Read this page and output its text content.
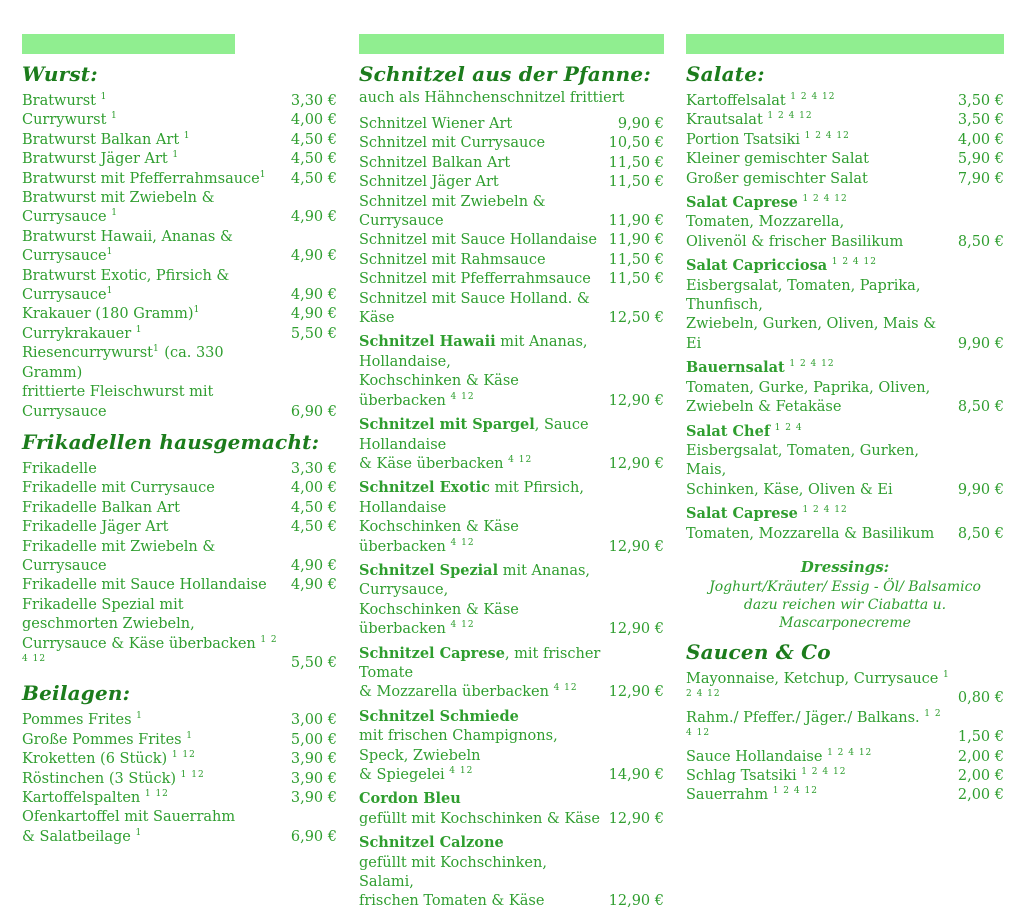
Wurst:
Bratwurst $^1$	3,30 €
Currywurst $^1$	4,00 €
Bratwurst Balkan Art $^1$	4,50 €
Bratwurst Jäger Art $^1$	4,50 €
Bratwurst mit Pfefferrahmsauce$^1$	4,50 €
Bratwurst mit Zwiebeln & Currysauce $^1$	4,90 €
Bratwurst Hawaii, Ananas & Currysauce$^1$	4,90 €
Bratwurst Exotic, Pfirsich & Currysauce$^1$	4,90 €
Krakauer (180 Gramm)$^1$	4,90 €
Currykrakauer $^1$	5,50 €
Riesencurrywurst$^1$ (ca. 330 Gramm)
frittierte Fleischwurst mit Currysauce	6,90 €
Frikadellen hausgemacht:
Frikadelle	3,30 €
Frikadelle mit Currysauce	4,00 €
Frikadelle Balkan Art	4,50 €
Frikadelle Jäger Art	4,50 €
Frikadelle mit Zwiebeln & Currysauce	4,90 €
Frikadelle mit Sauce Hollandaise	4,90 €
Frikadelle Spezial mit geschmorten Zwiebeln,
Currysauce & Käse überbacken $^{1 2 4 12}$	5,50 €
Beilagen:
Pommes Frites $^1$	3,00 €
Große Pommes Frites $^1$	5,00 €
Kroketten (6 Stück) $^{1 12}$	3,90 €
Röstinchen (3 Stück) $^{1 12}$	3,90 €
Kartoffelspalten $^{1 12}$	3,90 €
Ofenkartoffel mit Sauerrahm
& Salatbeilage $^1$	6,90 €
Schnitzel aus der Pfanne:
auch als Hähnchenschnitzel frittiert
Schnitzel Wiener Art	9,90 €
Schnitzel mit Currysauce	10,50 €
Schnitzel Balkan Art	11,50 €
Schnitzel Jäger Art	11,50 €
Schnitzel mit Zwiebeln & Currysauce	11,90 €
Schnitzel mit Sauce Hollandaise 11,90 €
Schnitzel mit Rahmsauce	11,50 €
Schnitzel mit Pfefferrahmsauce	11,50 €
Schnitzel mit Sauce Holland. & Käse	12,50 €
Schnitzel Hawaii mit Ananas, Hollandaise,
Kochschinken & Käse überbacken $^{4 12}$	12,90 €
Schnitzel mit Spargel, Sauce Hollandaise
& Käse überbacken $^{4 12}$	12,90 €
Schnitzel Exotic mit Pfirsich, Hollandaise
Kochschinken & Käse überbacken $^{4 12}$	12,90 €
Schnitzel Spezial mit Ananas, Currysauce,
Kochschinken & Käse überbacken $^{4 12}$	12,90 €
Schnitzel Caprese, mit frischer Tomate
& Mozzarella überbacken $^{4 12}$	12,90 €
Schnitzel Schmiede
mit frischen Champignons, Speck, Zwiebeln
& Spiegelei $^{4 12}$	14,90 €
Cordon Bleu
gefüllt mit Kochschinken & Käse 12,90 €
Schnitzel Calzone
gefüllt mit Kochschinken, Salami,
frischen Tomaten & Käse	12,90 €
Salate:
Kartoffelsalat $^{1 2 4 12}$	3,50 €
Krautsalat $^{1 2 4 12}$	3,50 €
Portion Tsatsiki $^{1 2 4 12}$	4,00 €
Kleiner gemischter Salat	5,90 €
Großer gemischter Salat	7,90 €
Salat Caprese $^{1 2 4 12}$
Tomaten, Mozzarella,
Olivenöl & frischer Basilikum	8,50 €
Salat Capricciosa $^{1 2 4 12}$
Eisbergsalat, Tomaten, Paprika, Thunfisch,
Zwiebeln, Gurken, Oliven, Mais & Ei	9,90 €
Bauernsalat $^{1 2 4 12}$
Tomaten, Gurke, Paprika, Oliven,
Zwiebeln & Fetakäse	8,50 €
Salat Chef $^{1 2 4}$
Eisbergsalat, Tomaten, Gurken, Mais,
Schinken, Käse, Oliven & Ei	9,90 €
Salat Caprese $^{1 2 4 12}$
Tomaten, Mozzarella & Basilikum	8,50 €
Dressings:
Joghurt/Kräuter/ Essig - Öl/ Balsamico
dazu reichen wir Ciabatta u. Mascarponecreme
Saucen & Co
Mayonnaise, Ketchup, Currysauce $^{1 2 4 12}$	0,80 €
Rahm./ Pfeffer./ Jäger./ Balkans. $^{1 2 4 12}$	1,50 €
Sauce Hollandaise $^{1 2 4 12}$	2,00 €
Schlag Tsatsiki $^{1 2 4 12}$	2,00 €
Sauerrahm $^{1 2 4 12}$	2,00 €
